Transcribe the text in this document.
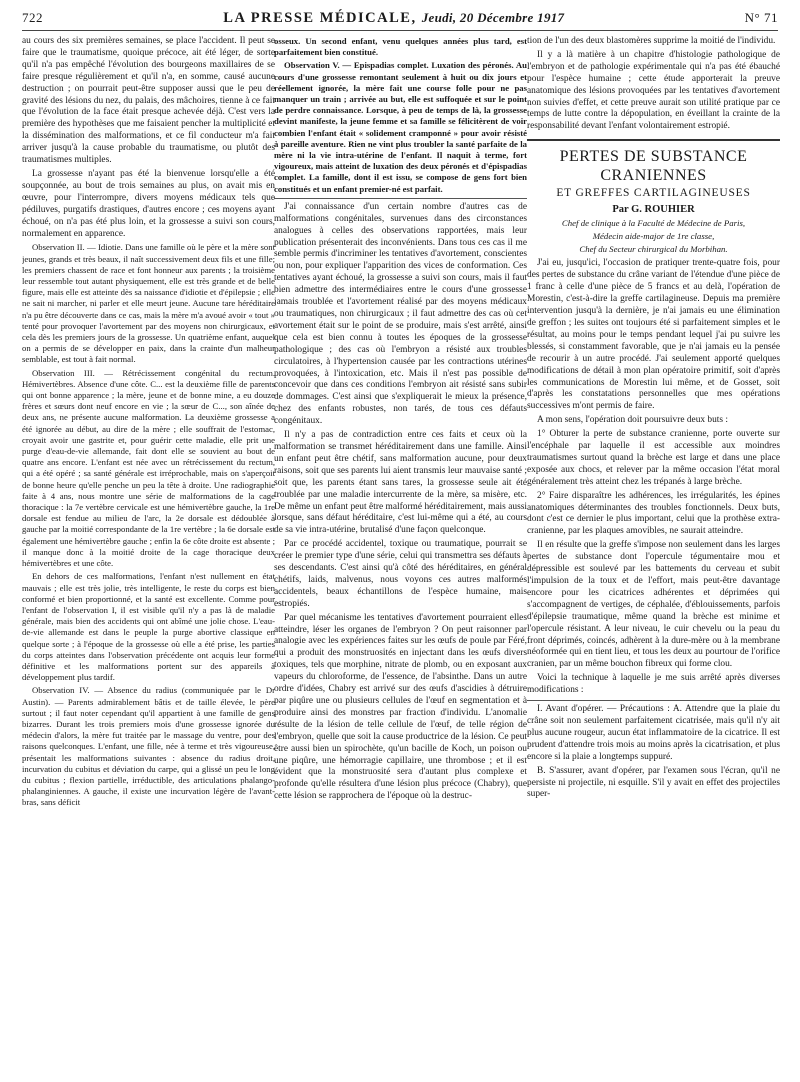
722	LA PRESSE MÉDICALE, Jeudi, 20 Décembre 1917	N° 71

au cours des six premières semaines, se place l'accident. Il peut se faire que le traumatisme, quoique précoce, ait été léger, de sorte qu'il n'a pas empêché l'évolution des bourgeons maxillaires de se faire presque régulièrement et qu'il n'a, en somme, causé aucune destruction ; on pourrait peut-être supposer aussi que le peu de gravité des lésions du nez, du palais, des mâchoires, tienne à ce fait que l'évolution de la face était presque achevée déjà. C'est vers la première des hypothèses que me faisaient pencher la multiplicité et la dissémination des malformations, et ce fil conducteur m'a fait arriver jusqu'à la cause probable du traumatisme, ou plutôt des traumatismes multiples.

La grossesse n'ayant pas été la bienvenue lorsqu'elle a été soupçonnée, au bout de trois semaines au plus, on avait mis en œuvre, pour l'interrompre, divers moyens médicaux tels que pédiluves, purgatifs drastiques, d'autres encore ; ces moyens ayant échoué, on n'a pas été plus loin, et la grossesse a suivi son cours, normalement en apparence.

Observation II. — Idiotie. Dans une famille où le père et la mère sont jeunes, grands et très beaux, il naît successivement deux fils et une fille; les premiers chassent de race et font honneur aux parents ; la troisième leur ressemble tout autant physiquement, elle est très grande et de belle figure, mais elle est atteinte dès sa naissance d'idiotie et d'épilepsie ; elle ne sait ni marcher, ni parler et elle meurt jeune. Aucune tare héréditaire n'a pu être découverte dans ce cas, mais la mère m'a avoué avoir « tout » tenté pour provoquer l'avortement par des moyens non chirurgicaux, et cela dès les premiers jours de la grossesse. Un quatrième enfant, auquel on a permis de se développer en paix, dans la crainte d'un malheur semblable, est tout à fait normal.

Observation III. — Rétrécissement congénital du rectum. Hémivertèbres. Absence d'une côte. C... est la deuxième fille de parents qui ont bonne apparence ; la mère, jeune et de bonne mine, a eu douze frères et sœurs dont neuf encore en vie ; la sœur de C..., son aînée de deux ans, ne présente aucune malformation. La deuxième grossesse a été ignorée au début, au dire de la mère ; elle souffrait de l'estomac, croyait avoir une gastrite et, pour guérir cette maladie, elle prit une purge d'eau-de-vie allemande, fait dont elle se souvient au bout de quatre ans encore. L'enfant est née avec un rétrécissement du rectum, qui a été opéré ; sa santé générale est irréprochable, mais on s'aperçoit de bonne heure qu'elle penche un peu la tête à droite. Une radiographie faite à 4 ans, nous montre une série de malformations de la cage thoracique : la 7e vertèbre cervicale est une hémivertèbre gauche, la 1re dorsale est fendue au milieu de l'arc, la 2e dorsale est dédoublée à gauche par la moitié correspondante de la 1re vertèbre ; la 6e dorsale est également une hémivertèbre gauche ; enfin la 6e côte droite est absente ; il manque donc à la moitié droite de la cage thoracique deux hémivertèbres et une côte.

En dehors de ces malformations, l'enfant n'est nullement en état mauvais ; elle est très jolie, très intelligente, le reste du corps est bien conformé et bien proportionné, et la santé est excellente. Comme pour l'enfant de l'observation I, il est visible qu'il n'y a pas là de maladie générale, mais bien des accidents qui ont abîmé une jolie chose. L'eau-de-vie allemande est dans le peuple la purge abortive classique en quelque sorte ; à l'époque de la grossesse où elle a été prise, les parties du corps atteintes dans l'observation précédente ont acquis leur forme définitive et les malformations portent sur des appareils à développement plus tardif.

Observation IV. — Absence du radius (communiquée par le Dr Austin). — Parents admirablement bâtis et de taille élevée, le père surtout ; il faut noter cependant qu'il appartient à une famille de gens bizarres. Durant les trois premiers mois d'une grossesse ignorée du médecin d'alors, la mère fut traitée par le massage du ventre, pour des raisons quelconques. L'enfant, une fille, née à terme et très vigoureuse, présentait les malformations suivantes : absence du radius droit, incurvation du cubitus et déviation du carpe, qui a glissé un peu le long du cubitus ; flexion partielle, irréductible, des articulations phalango-phalanginiennes. A gauche, il existe une incurvation légère de l'avant-bras, sans déficit

osseux. Un second enfant, venu quelques années plus tard, est parfaitement bien constitué.

Observation V. — Epispadias complet. Luxation des péronés. Au cours d'une grossesse remontant seulement à huit ou dix jours et réellement ignorée, la mère fait une course folle pour ne pas manquer un train ; arrivée au but, elle est suffoquée et sur le point de perdre connaissance. Lorsque, à peu de temps de là, la grossesse devint manifeste, la jeune femme et sa famille se félicitèrent de voir combien l'enfant était « solidement cramponné » pour avoir résisté à pareille aventure. Rien ne vint plus troubler la santé parfaite de la mère ni la vie intra-utérine de l'enfant. Il naquit à terme, fort vigoureux, mais atteint de luxation des deux péronés et d'épispadias complet. La famille, dont il est issu, se compose de gens fort bien constitués et un enfant premier-né est parfait.

J'ai connaissance d'un certain nombre d'autres cas de malformations congénitales, survenues dans des circonstances analogues à celles des observations rapportées, mais leur publication présenterait des inconvénients. Dans tous ces cas il me semble permis d'incriminer les tentatives d'avortement, conscientes ou non, pour expliquer l'apparition des vices de conformation. Ces tentatives ayant échoué, la grossesse a suivi son cours, mais il faut bien admettre des intermédiaires entre le cours d'une grossesse jamais troublée et l'avortement réalisé par des moyens médicaux ou traumatiques, non chirurgicaux ; il faut admettre des cas où cet avortement était sur le point de se produire, mais s'est arrêté, ainsi que cela est bien connu à toutes les époques de la grossesse pathologique ; des cas où l'embryon a résisté aux troubles circulatoires, à l'hypertension causée par les contractions utérines provoquées, à l'intoxication, etc. Mais il n'est pas possible de concevoir que dans ces conditions l'embryon ait résisté sans subir de dommages. C'est ainsi que s'expliquerait le mieux la présence, chez des enfants robustes, non tarés, de tous ces défauts congénitaux.

Il n'y a pas de contradiction entre ces faits et ceux où la malformation se transmet héréditairement dans une famille. Ainsi un enfant peut être chétif, sans malformation aucune, pour deux raisons, soit que ses parents lui aient transmis leur mauvaise santé ; soit que, les parents étant sans tares, la grossesse seule ait été troublée par une maladie intercurrente de la mère, sa misère, etc. De même un enfant peut être malformé héréditairement, mais aussi lorsque, sans défaut héréditaire, c'est lui-même qui a été, au cours de sa vie intra-utérine, brutalisé d'une façon quelconque.

Par ce procédé accidentel, toxique ou traumatique, pourrait se créer le premier type d'une série, celui qui transmettra ses défauts à ses descendants. C'est ainsi qu'à côté des héréditaires, en général chétifs, laids, malvenus, nous voyons ces autres malformés accidentels, beaux échantillons de l'espèce humaine, mais estropiés.

Par quel mécanisme les tentatives d'avortement pourraient elles atteindre, léser les organes de l'embryon ? On peut raisonner par analogie avec les expériences faites sur les œufs de poule par Féré, qui a produit des monstruosités en injectant dans les œufs divers toxiques, tels que morphine, nitrate de plomb, ou en exposant aux vapeurs du chloroforme, de l'essence, de l'absinthe. Dans un autre ordre d'idées, Chabry est arrivé sur des œufs d'ascidies à détruire par piqûre une ou plusieurs cellules de l'œuf en segmentation et à produire ainsi des monstres par fraction d'individu. L'anomalie résulte de la lésion de telle cellule de l'œuf, de telle région de l'embryon, quelle que soit la cause productrice de la lésion. Ce peut être aussi bien un spirochète, qu'un bacille de Koch, un poison ou une piqûre, une hémorragie capillaire, une thrombose ; et il est évident que la monstruosité sera d'autant plus complexe et profonde qu'elle résultera d'une lésion plus précoce (Chabry), que cette lésion se rapprochera de l'époque où la destruc-

tion de l'un des deux blastomères supprime la moitié de l'individu.

Il y a là matière à un chapitre d'histologie pathologique de l'embryon et de pathologie expérimentale qui n'a pas été ébauché pour l'espèce humaine ; cette étude apporterait la preuve anatomique des lésions provoquées par les tentatives d'avortement non suivies d'effet, et cette preuve aurait son utilité pratique par ce temps de lutte contre la dépopulation, en éveillant la crainte de la responsabilité devant l'enfant volontairement estropié.

PERTES DE SUBSTANCE CRANIENNES
ET GREFFES CARTILAGINEUSES
Par G. ROUHIER
Chef de clinique à la Faculté de Médecine de Paris,
Médecin aide-major de 1re classe,
Chef du Secteur chirurgical du Morbihan.

J'ai eu, jusqu'ici, l'occasion de pratiquer trente-quatre fois, pour des pertes de substance du crâne variant de l'étendue d'une pièce de 1 franc à celle d'une pièce de 5 francs et au delà, l'opération de Morestin, c'est-à-dire la greffe cartilagineuse. Depuis ma première intervention jusqu'à la dernière, je n'ai jamais eu une élimination de greffon ; les suites ont toujours été si parfaitement simples et le résultat, au moins pour le temps pendant lequel j'ai pu suivre les blessés, si constamment favorable, que je n'ai jamais eu la pensée de recourir à un autre procédé. J'ai seulement apporté quelques modifications de détail à mon plan opératoire primitif, soit d'après les communications de Morestin lui même, et de Gosset, soit d'après les constatations personnelles que mes opérations successives m'ont permis de faire.

A mon sens, l'opération doit poursuivre deux buts :

1° Obturer la perte de substance cranienne, porte ouverte sur l'encéphale par laquelle il est accessible aux moindres traumatismes surtout quand la brèche est large et dans une place exposée aux chocs, et relever par la même occasion l'état moral généralement très atteint chez les trépanés à large brèche.

2° Faire disparaître les adhérences, les irrégularités, les épines anatomiques déterminantes des troubles fonctionnels. Deux buts, dont c'est ce dernier le plus important, celui que la prothèse extra-cranienne, par les plaques amovibles, ne saurait atteindre.

Il en résulte que la greffe s'impose non seulement dans les larges pertes de substance dont l'opercule tégumentaire mou et dépressible est soulevé par les battements du cerveau et subit l'impulsion de la toux et de l'effort, mais peut-être davantage encore pour les cicatrices adhérentes et déprimées qui s'accompagnent de vertiges, de céphalée, d'éblouissements, parfois d'épilepsie traumatique, même quand la brèche est minime et l'opercule résistant. A leur niveau, le cuir chevelu ou la peau du front déprimés, coincés, adhèrent à la dure-mère ou à la membrane néoformée qui en tient lieu, et tous les deux au pourtour de l'orifice cranien, par un même bouchon fibreux qui forme clou.

Voici la technique à laquelle je me suis arrêté après diverses modifications :

I. Avant d'opérer. — Précautions : A. Attendre que la plaie du crâne soit non seulement parfaitement cicatrisée, mais qu'il n'y ait plus aucune rougeur, aucun état inflammatoire de la cicatrice. Il est prudent d'attendre trois mois au moins après la cicatrisation, et plus encore si la plaie a longtemps suppuré.

B. S'assurer, avant d'opérer, par l'examen sous l'écran, qu'il ne persiste ni projectile, ni esquille. S'il y avait en effet des projectiles super-
